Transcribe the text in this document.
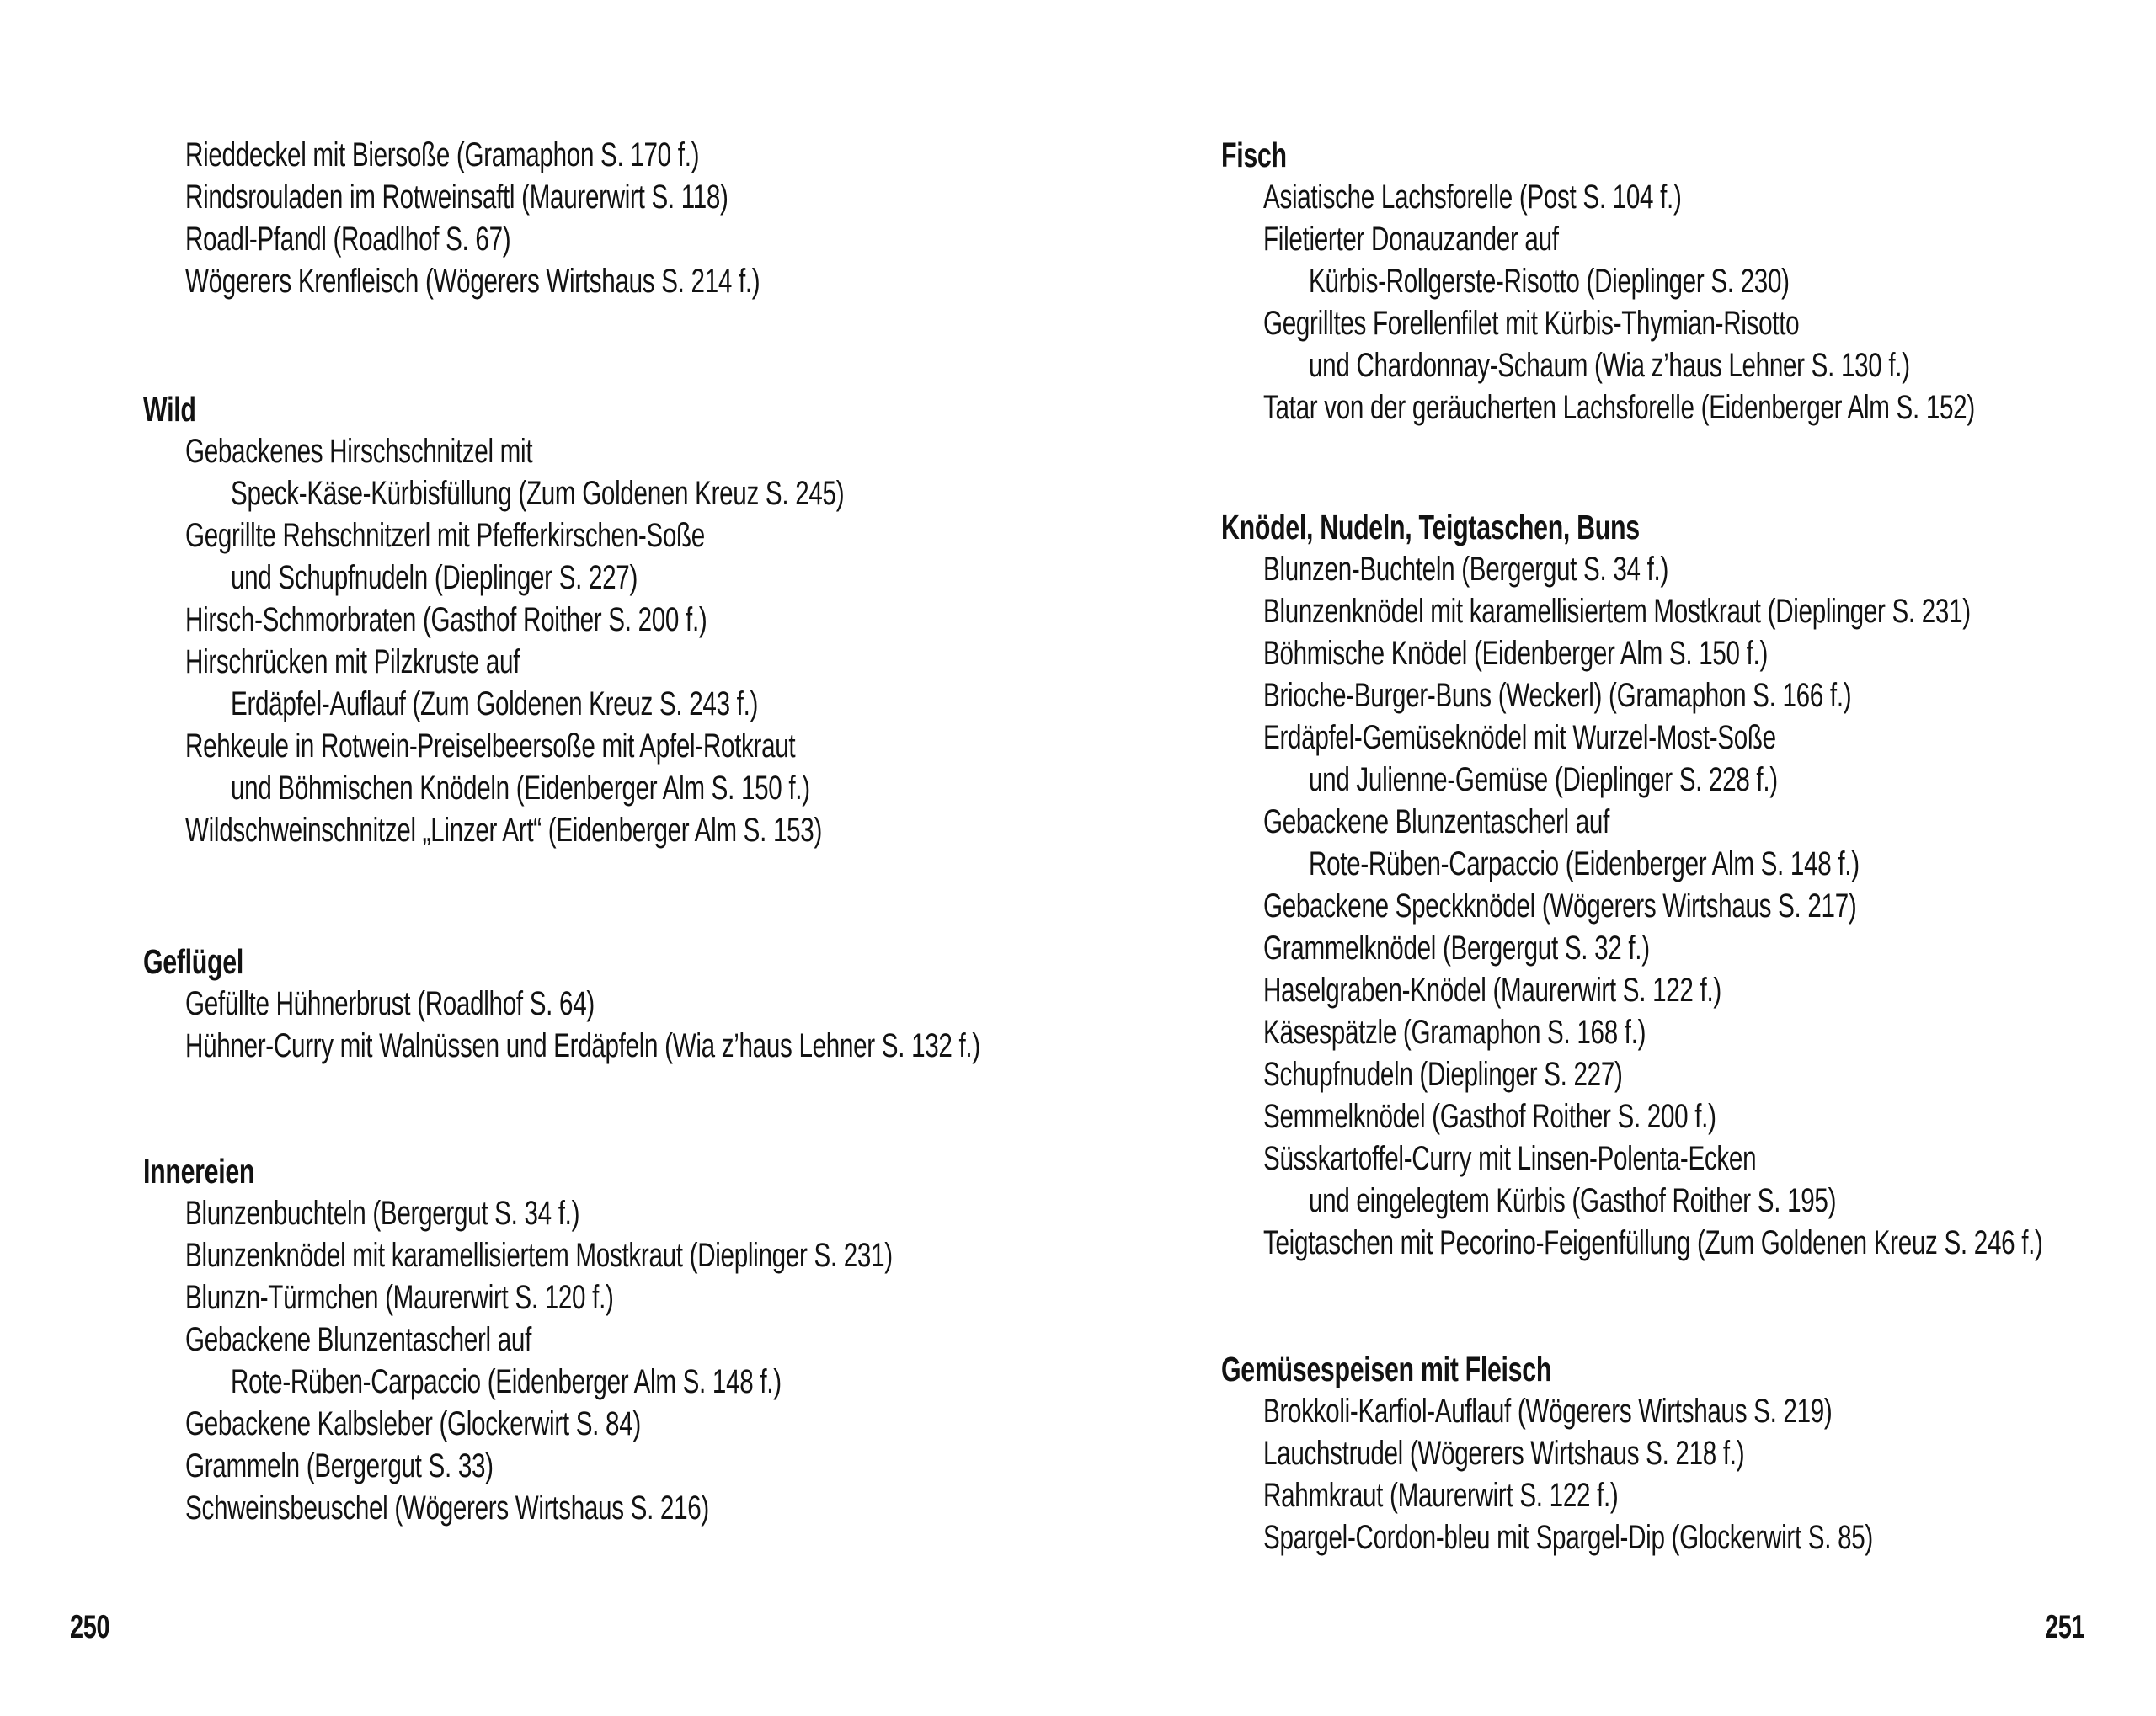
Rieddeckel mit Biersoße (Gramaphon S. 170 f.)
Rindsrouladen im Rotweinsaftl (Maurerwirt S. 118)
Roadl-Pfandl (Roadlhof S. 67)
Wögerers Krenfleisch (Wögerers Wirtshaus S. 214 f.)
Wild
Gebackenes Hirschschnitzel mit
Speck-Käse-Kürbisfüllung (Zum Goldenen Kreuz S. 245)
Gegrillte Rehschnitzerl mit Pfefferkirschen-Soße
und Schupfnudeln (Dieplinger S. 227)
Hirsch-Schmorbraten (Gasthof Roither S. 200 f.)
Hirschrücken mit Pilzkruste auf
Erdäpfel-Auflauf (Zum Goldenen Kreuz S. 243 f.)
Rehkeule in Rotwein-Preiselbeersoße mit Apfel-Rotkraut
und Böhmischen Knödeln (Eidenberger Alm S. 150 f.)
Wildschweinschnitzel „Linzer Art“ (Eidenberger Alm S. 153)
Geflügel
Gefüllte Hühnerbrust (Roadlhof S. 64)
Hühner-Curry mit Walnüssen und Erdäpfeln (Wia z’haus Lehner S. 132 f.)
Innereien
Blunzenbuchteln (Bergergut S. 34 f.)
Blunzenknödel mit karamellisiertem Mostkraut (Dieplinger S. 231)
Blunzn-Türmchen (Maurerwirt S. 120 f.)
Gebackene Blunzentascherl auf
Rote-Rüben-Carpaccio (Eidenberger Alm S. 148 f.)
Gebackene Kalbsleber (Glockerwirt S. 84)
Grammeln (Bergergut S. 33)
Schweinsbeuschel (Wögerers Wirtshaus S. 216)
Fisch
Asiatische Lachsforelle (Post S. 104 f.)
Filetierter Donauzander auf
Kürbis-Rollgerste-Risotto (Dieplinger S. 230)
Gegrilltes Forellenfilet mit Kürbis-Thymian-Risotto
und Chardonnay-Schaum (Wia z’haus Lehner S. 130 f.)
Tatar von der geräucherten Lachsforelle (Eidenberger Alm S. 152)
Knödel, Nudeln, Teigtaschen, Buns
Blunzen-Buchteln (Bergergut S. 34 f.)
Blunzenknödel mit karamellisiertem Mostkraut (Dieplinger S. 231)
Böhmische Knödel (Eidenberger Alm S. 150 f.)
Brioche-Burger-Buns (Weckerl) (Gramaphon S. 166 f.)
Erdäpfel-Gemüseknödel mit Wurzel-Most-Soße
und Julienne-Gemüse (Dieplinger S. 228 f.)
Gebackene Blunzentascherl auf
Rote-Rüben-Carpaccio (Eidenberger Alm S. 148 f.)
Gebackene Speckknödel (Wögerers Wirtshaus S. 217)
Grammelknödel (Bergergut S. 32 f.)
Haselgraben-Knödel (Maurerwirt S. 122 f.)
Käsespätzle (Gramaphon S. 168 f.)
Schupfnudeln (Dieplinger S. 227)
Semmelknödel (Gasthof Roither S. 200 f.)
Süsskartoffel-Curry mit Linsen-Polenta-Ecken
und eingelegtem Kürbis (Gasthof Roither S. 195)
Teigtaschen mit Pecorino-Feigenfüllung (Zum Goldenen Kreuz S. 246 f.)
Gemüsespeisen mit Fleisch
Brokkoli-Karfiol-Auflauf (Wögerers Wirtshaus S. 219)
Lauchstrudel (Wögerers Wirtshaus S. 218 f.)
Rahmkraut (Maurerwirt S. 122 f.)
Spargel-Cordon-bleu mit Spargel-Dip (Glockerwirt S. 85)
250	251
